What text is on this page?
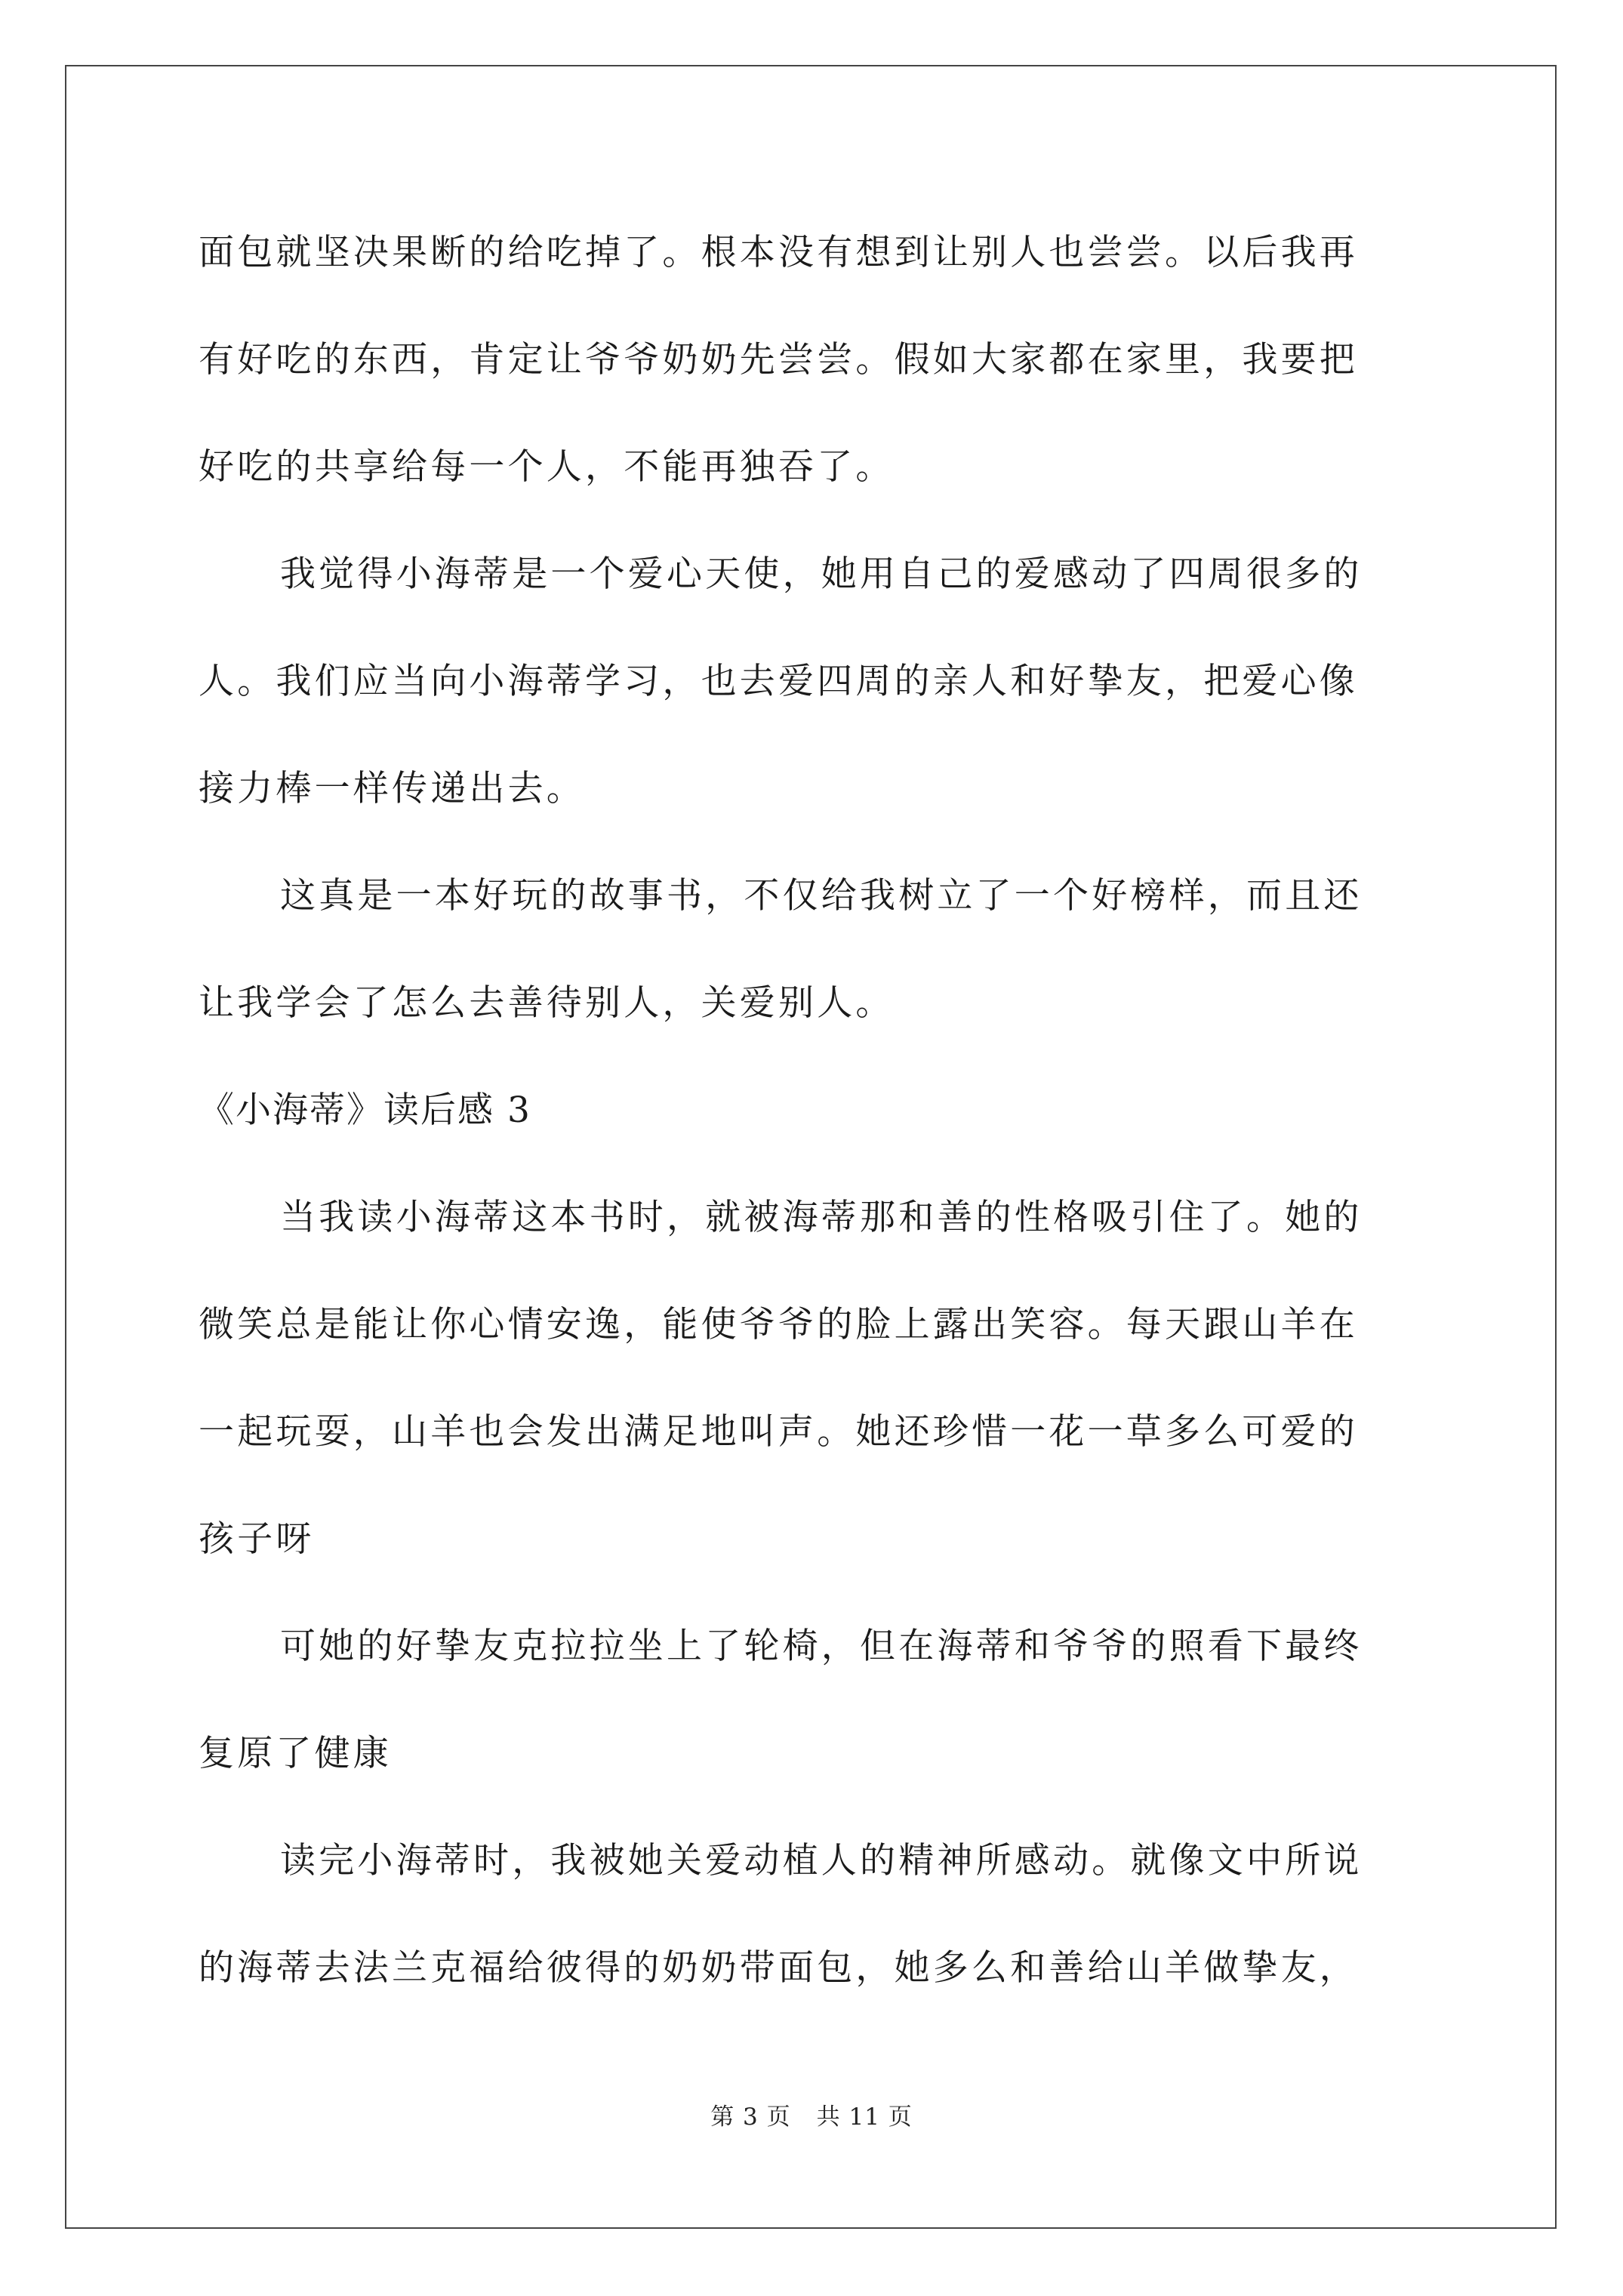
面包就坚决果断的给吃掉了。根本没有想到让别人也尝尝。以后我再
有好吃的东西，肯定让爷爷奶奶先尝尝。假如大家都在家里，我要把
好吃的共享给每一个人，不能再独吞了。
我觉得小海蒂是一个爱心天使，她用自己的爱感动了四周很多的
人。我们应当向小海蒂学习，也去爱四周的亲人和好挚友，把爱心像
接力棒一样传递出去。
这真是一本好玩的故事书，不仅给我树立了一个好榜样，而且还
让我学会了怎么去善待别人，关爱别人。
《小海蒂》读后感 3
当我读小海蒂这本书时，就被海蒂那和善的性格吸引住了。她的
微笑总是能让你心情安逸，能使爷爷的脸上露出笑容。每天跟山羊在
一起玩耍，山羊也会发出满足地叫声。她还珍惜一花一草多么可爱的
孩子呀
可她的好挚友克拉拉坐上了轮椅，但在海蒂和爷爷的照看下最终
复原了健康
读完小海蒂时，我被她关爱动植人的精神所感动。就像文中所说
的海蒂去法兰克福给彼得的奶奶带面包，她多么和善给山羊做挚友，
第 3 页 共 11 页
